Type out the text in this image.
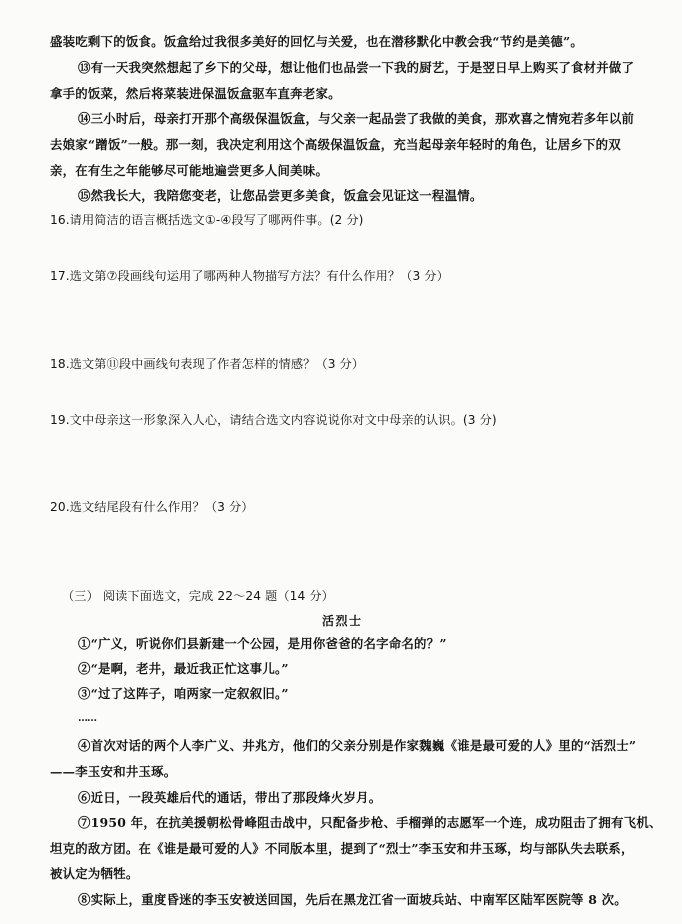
盛装吃剩下的饭食。饭盒给过我很多美好的回忆与关爱，也在潜移默化中教会我“节约是美德”。
⑬有一天我突然想起了乡下的父母，想让他们也品尝一下我的厨艺，于是翌日早上购买了食材并做了
拿手的饭菜，然后将菜装进保温饭盒驱车直奔老家。
⑭三小时后，母亲打开那个高级保温饭盒，与父亲一起品尝了我做的美食，那欢喜之情宛若多年以前
去娘家“蹭饭”一般。那一刻，我决定利用这个高级保温饭盒，充当起母亲年轻时的角色，让居乡下的双
亲，在有生之年能够尽可能地遍尝更多人间美味。
⑮然我长大，我陪您变老，让您品尝更多美食，饭盒会见证这一程温情。
16.请用简洁的语言概括选文①-④段写了哪两件事。(2 分)
17.选文第⑦段画线句运用了哪两种人物描写方法？有什么作用？（3 分）
18.选文第⑪段中画线句表现了作者怎样的情感？（3 分）
19.文中母亲这一形象深入人心，请结合选文内容说说你对文中母亲的认识。(3 分)
20.选文结尾段有什么作用？（3 分）
（三） 阅读下面选文，完成 22～24 题（14 分）
活烈士
①“广义，听说你们县新建一个公园，是用你爸爸的名字命名的？”
②“是啊，老井，最近我正忙这事儿。”
③“过了这阵子，咱两家一定叙叙旧。”
……
④首次对话的两个人李广义、井兆方，他们的父亲分别是作家魏巍《谁是最可爱的人》里的“活烈士”
——李玉安和井玉琢。
⑥近日，一段英雄后代的通话，带出了那段烽火岁月。
⑦1950 年，在抗美援朝松骨峰阻击战中，只配备步枪、手榴弹的志愿军一个连，成功阻击了拥有飞机、
坦克的敌方团。在《谁是最可爱的人》不同版本里，提到了“烈士”李玉安和井玉琢，均与部队失去联系，
被认定为牺牲。
⑧实际上，重度昏迷的李玉安被送回国，先后在黑龙江省一面坡兵站、中南军区陆军医院等 8 次。
